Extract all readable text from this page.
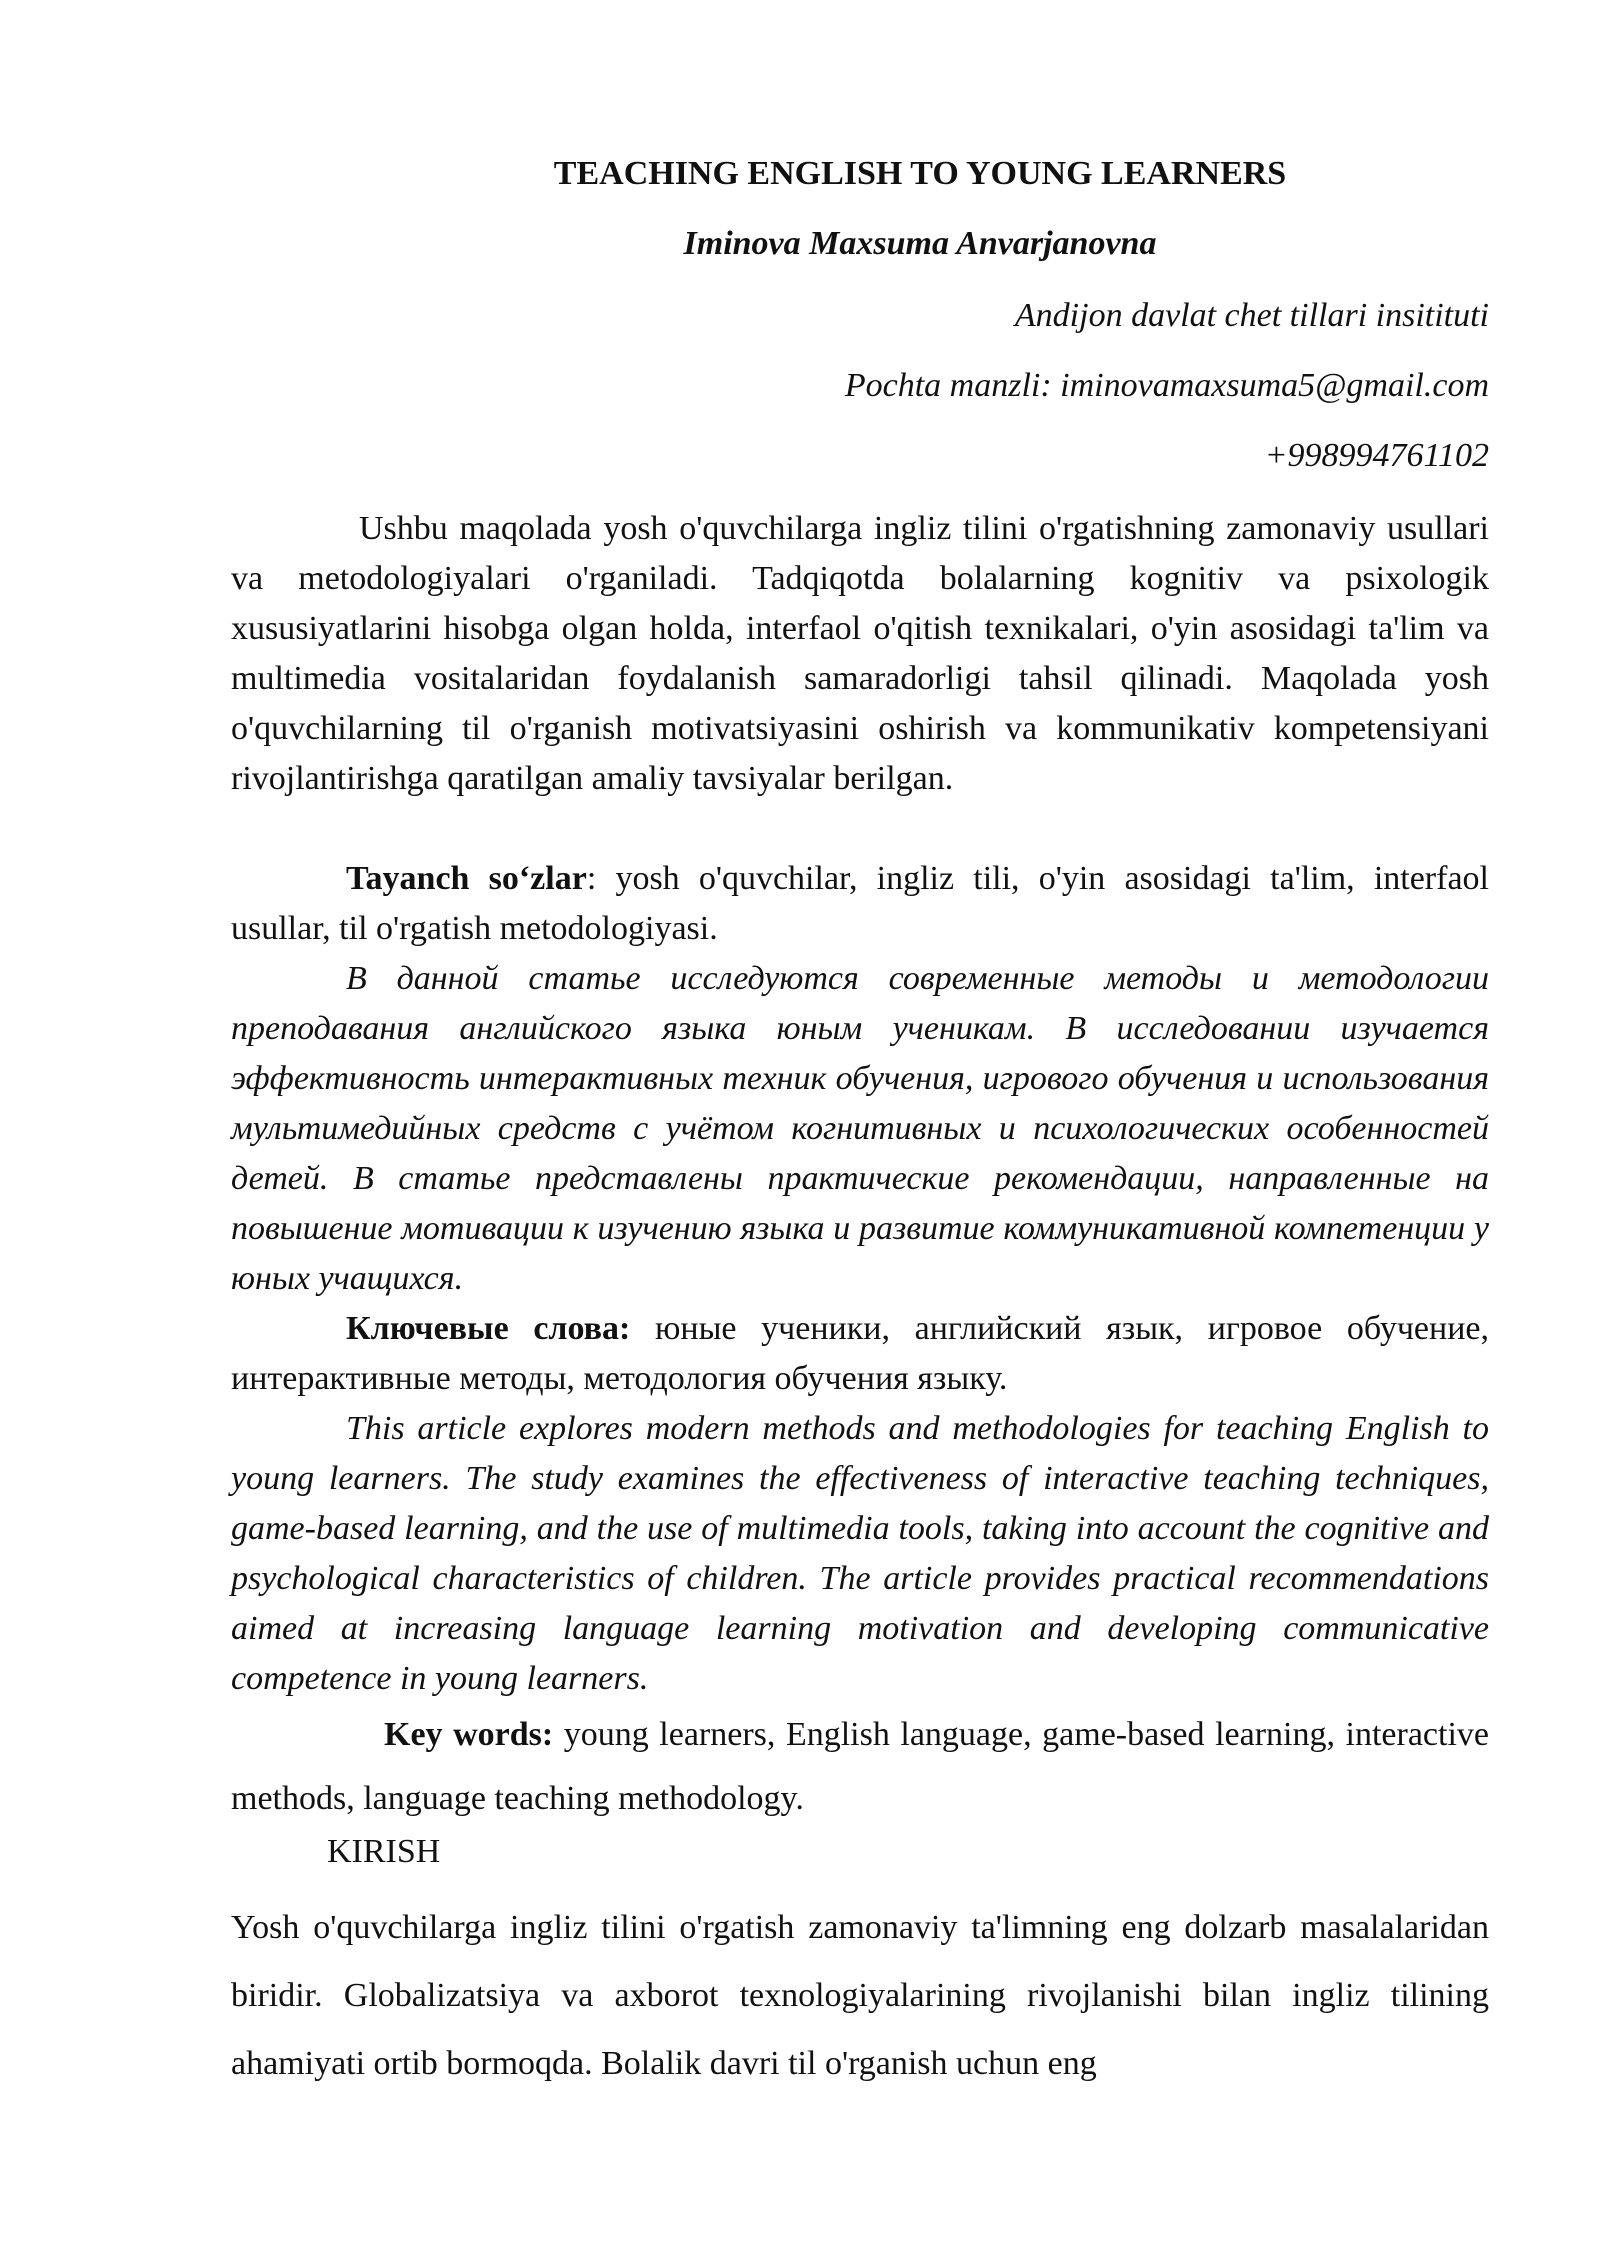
TEACHING ENGLISH TO YOUNG LEARNERS
Iminova Maxsuma Anvarjanovna
Andijon davlat chet tillari insitituti
Pochta manzli: iminovamaxsuma5@gmail.com
+998994761102

Ushbu maqolada yosh o'quvchilarga ingliz tilini o'rgatishning zamonaviy usullari va metodologiyalari o'rganiladi. Tadqiqotda bolalarning kognitiv va psixologik xususiyatlarini hisobga olgan holda, interfaol o'qitish texnikalari, o'yin asosidagi ta'lim va multimedia vositalaridan foydalanish samaradorligi tahsil qilinadi. Maqolada yosh o'quvchilarning til o'rganish motivatsiyasini oshirish va kommunikativ kompetensiyani rivojlantirishga qaratilgan amaliy tavsiyalar berilgan.

Tayanch so‘zlar: yosh o'quvchilar, ingliz tili, o'yin asosidagi ta'lim, interfaol usullar, til o'rgatish metodologiyasi.

В данной статье исследуются современные методы и методологии преподавания английского языка юным ученикам. В исследовании изучается эффективность интерактивных техник обучения, игрового обучения и использования мультимедийных средств с учётом когнитивных и психологических особенностей детей. В статье представлены практические рекомендации, направленные на повышение мотивации к изучению языка и развитие коммуникативной компетенции у юных учащихся.

Ключевые слова: юные ученики, английский язык, игровое обучение, интерактивные методы, методология обучения языку.

This article explores modern methods and methodologies for teaching English to young learners. The study examines the effectiveness of interactive teaching techniques, game-based learning, and the use of multimedia tools, taking into account the cognitive and psychological characteristics of children. The article provides practical recommendations aimed at increasing language learning motivation and developing communicative competence in young learners.

Key words: young learners, English language, game-based learning, interactive methods, language teaching methodology.

KIRISH

Yosh o'quvchilarga ingliz tilini o'rgatish zamonaviy ta'limning eng dolzarb masalalaridan biridir. Globalizatsiya va axborot texnologiyalarining rivojlanishi bilan ingliz tilining ahamiyati ortib bormoqda. Bolalik davri til o'rganish uchun eng
